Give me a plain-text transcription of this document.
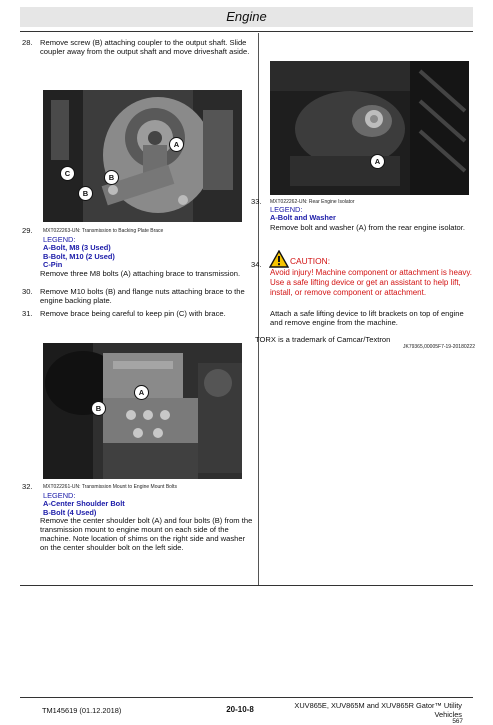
Engine
28. Remove screw (B) attaching coupler to the output shaft. Slide coupler away from the output shaft and move driveshaft aside.
A
B
C
B
29. MXT022263-UN: Transmission to Backing Plate Brace
LEGEND:
A-Bolt, M8 (3 Used)
B-Bolt, M10 (2 Used)
C-Pin
Remove three M8 bolts (A) attaching brace to transmission.
30. Remove M10 bolts (B) and flange nuts attaching brace to the engine backing plate.
31. Remove brace being careful to keep pin (C) with brace.
A
B
32. MXT022261-UN: Transmission Mount to Engine Mount Bolts
LEGEND:
A-Center Shoulder Bolt
B-Bolt (4 Used)
Remove the center shoulder bolt (A) and four bolts (B) from the transmission mount to engine mount on each side of the machine. Note location of shims on the right side and washer on the center shoulder bolt on the left side.
A
33. MXT022262-UN: Rear Engine Isolator
LEGEND:
A-Bolt and Washer
Remove bolt and washer (A) from the rear engine isolator.
34.	CAUTION:
Avoid injury! Machine component or attachment is heavy. Use a safe lifting device or get an assistant to help lift, install, or remove component or attachment.
Attach a safe lifting device to lift brackets on top of engine and remove engine from the machine.
TORX is a trademark of Camcar/Textron
JK79365,00005F7-19-20180222
TM145619 (01.12.2018)	20-10-8	XUV865E, XUV865M and XUV865R Gator™ Utility
Vehicles
567
